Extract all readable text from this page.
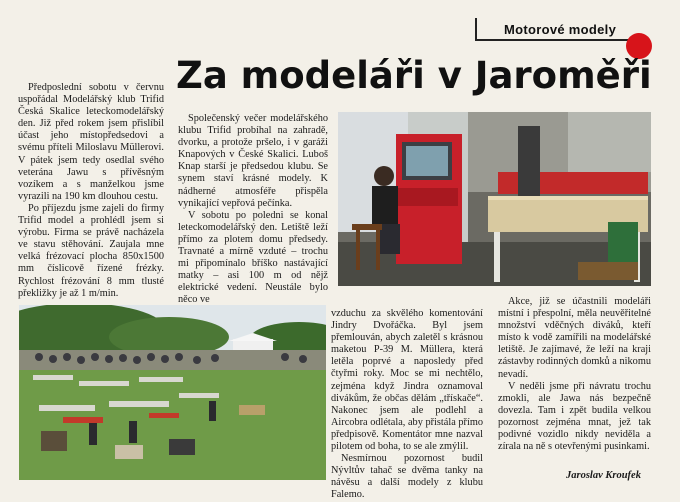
Motorové modely
Za modeláři v Jaroměři

Předposlední sobotu v červnu uspořádal Modelářský klub Trifid Česká Skalice leteckomodelářský den. Již před rokem jsem přislíbil účast jeho místopředsedovi a svému příteli Miloslavu Müllerovi. V pátek jsem tedy osedlal svého veterána Jawu s přívěsným vozíkem a s manželkou jsme vyrazili na 190 km dlouhou cestu.

Po příjezdu jsme zajeli do firmy Trifid model a prohlédl jsem si výrobu. Firma se právě nacházela ve stavu stěhování. Zaujala mne velká frézovací plocha 850x1500 mm číslicově řízené frézky. Rychlost frézování 8 mm tlusté překližky je až 1 m/min.

Společenský večer modelářského klubu Trifid probíhal na zahradě, dvorku, a protože pršelo, i v garáži Knapových v České Skalici. Luboš Knap starší je předsedou klubu. Se synem staví krásné modely. K nádherné atmosféře přispěla vynikající vepřová pečínka.

V sobotu po poledni se konal leteckomodelářský den. Letiště leží přímo za plotem domu předsedy. Travnaté a mírně vzduté – trochu mi připomínalo bříško nastávající matky – asi 100 m od nějž elektrické vedení. Neustále bylo něco ve

vzduchu za skvělého komentování Jindry Dvořáčka. Byl jsem přemlouván, abych zaletěl s krásnou maketou P-39 M. Müllera, která letěla poprvé a naposledy před čtyřmi roky. Moc se mi nechtělo, zejména když Jindra oznamoval divákům, že občas dělám „třískače“. Nakonec jsem ale podlehl a Aircobra odlétala, aby přistála přímo předpisově. Komentátor mne nazval pilotem od boha, to se ale zmýlil.

Nesmírnou pozornost budil Nývltův tahač se dvěma tanky na návěsu a další modely z klubu Falemo.

Akce, již se účastnili modeláři místní i přespolní, měla neuvěřitelné množství vděčných diváků, kteří místo k vodě zamířili na modelářské letiště. Je zajímavé, že leží na kraji zástavby rodinných domků a nikomu nevadí.

V neděli jsme při návratu trochu zmokli, ale Jawa nás bezpečně dovezla. Tam i zpět budila velkou pozornost zejména mnat, jež tak podivné vozidlo nikdy neviděla a zírala na ně s otevřenými pusinkami.

Jaroslav Kroufek
